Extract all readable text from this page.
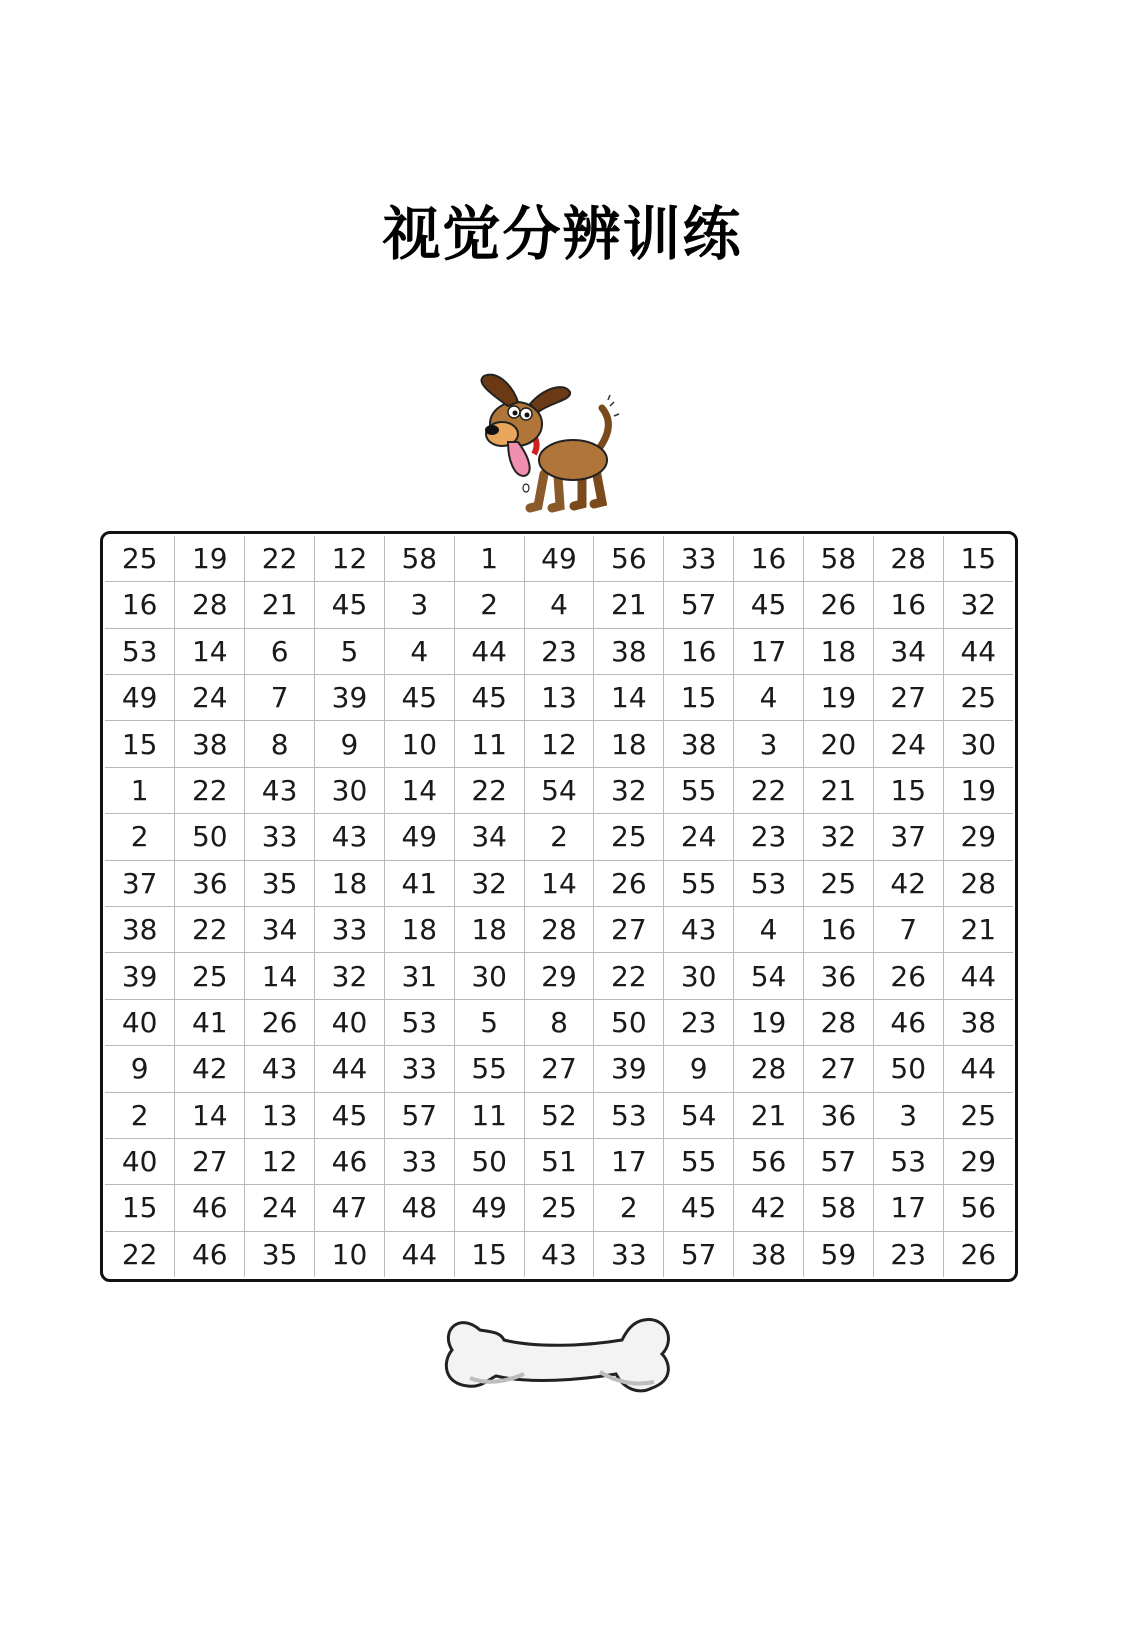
视觉分辨训练
25	19	22	12	58	1	49	56	33	16	58	28	15
16	28	21	45	3	2	4	21	57	45	26	16	32
53	14	6	5	4	44	23	38	16	17	18	34	44
49	24	7	39	45	45	13	14	15	4	19	27	25
15	38	8	9	10	11	12	18	38	3	20	24	30
1	22	43	30	14	22	54	32	55	22	21	15	19
2	50	33	43	49	34	2	25	24	23	32	37	29
37	36	35	18	41	32	14	26	55	53	25	42	28
38	22	34	33	18	18	28	27	43	4	16	7	21
39	25	14	32	31	30	29	22	30	54	36	26	44
40	41	26	40	53	5	8	50	23	19	28	46	38
9	42	43	44	33	55	27	39	9	28	27	50	44
2	14	13	45	57	11	52	53	54	21	36	3	25
40	27	12	46	33	50	51	17	55	56	57	53	29
15	46	24	47	48	49	25	2	45	42	58	17	56
22	46	35	10	44	15	43	33	57	38	59	23	26
